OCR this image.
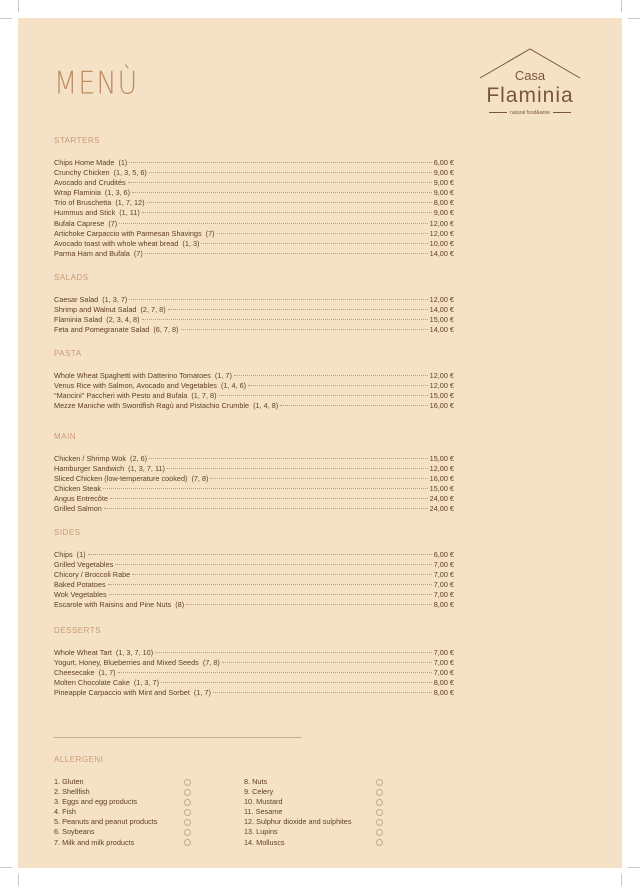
MENÙ	Casa
Flaminia
natural food&wine
STARTERS
Chips Home Made (1)	6,00 €
Crunchy Chicken (1, 3, 5, 6)	9,00 €
Avocado and Crudités	9,00 €
Wrap Flaminia (1, 3, 6)	9,00 €
Trio of Bruschetta (1, 7, 12)	8,00 €
Hummus and Stick (1, 11)	9,00 €
Bufala Caprese (7)	12,00 €
Artichoke Carpaccio with Parmesan Shavings (7)	12,00 €
Avocado toast with whole wheat bread (1, 3)	10,00 €
Parma Ham and Bufala (7)	14,00 €
SALADS
Caesar Salad (1, 3, 7)	12,00 €
Shrimp and Walnut Salad (2, 7, 8)	14,00 €
Flaminia Salad (2, 3, 4, 8)	15,00 €
Feta and Pomegranate Salad (6, 7, 8)	14,00 €
PASTA
Whole Wheat Spaghetti with Datterino Tomatoes (1, 7)	12,00 €
Venus Rice with Salmon, Avocado and Vegetables (1, 4, 6)	12,00 €
"Mancini" Paccheri with Pesto and Bufala (1, 7, 8)	15,00 €
Mezze Maniche with Swordfish Ragù and Pistachio Crumble (1, 4, 8)	16,00 €
MAIN
Chicken / Shrimp Wok (2, 6)	15,00 €
Hamburger Sandwich (1, 3, 7, 11)	12,00 €
Sliced Chicken (low-temperature cooked) (7, 8)	16,00 €
Chicken Steak	15,00 €
Angus Entrecôte	24,00 €
Grilled Salmon	24,00 €
SIDES
Chips (1)	6,00 €
Grilled Vegetables	7,00 €
Chicory / Broccoli Rabe	7,00 €
Baked Potatoes	7,00 €
Wok Vegetables	7,00 €
Escarole with Raisins and Pine Nuts (8)	8,00 €
DESSERTS
Whole Wheat Tart (1, 3, 7, 10)	7,00 €
Yogurt, Honey, Blueberries and Mixed Seeds (7, 8)	7,00 €
Cheesecake (1, 7)	7,00 €
Molten Chocolate Cake (1, 3, 7)	8,00 €
Pineapple Carpaccio with Mint and Sorbet (1, 7)	8,00 €
ALLERGENI
1. Gluten
2. Shellfish
3. Eggs and egg products
4. Fish
5. Peanuts and peanut products
6. Soybeans
7. Milk and milk products
8. Nuts
9. Celery
10. Mustard
11. Sesame
12. Sulphur dioxide and sulphites
13. Lupins
14. Molluscs
